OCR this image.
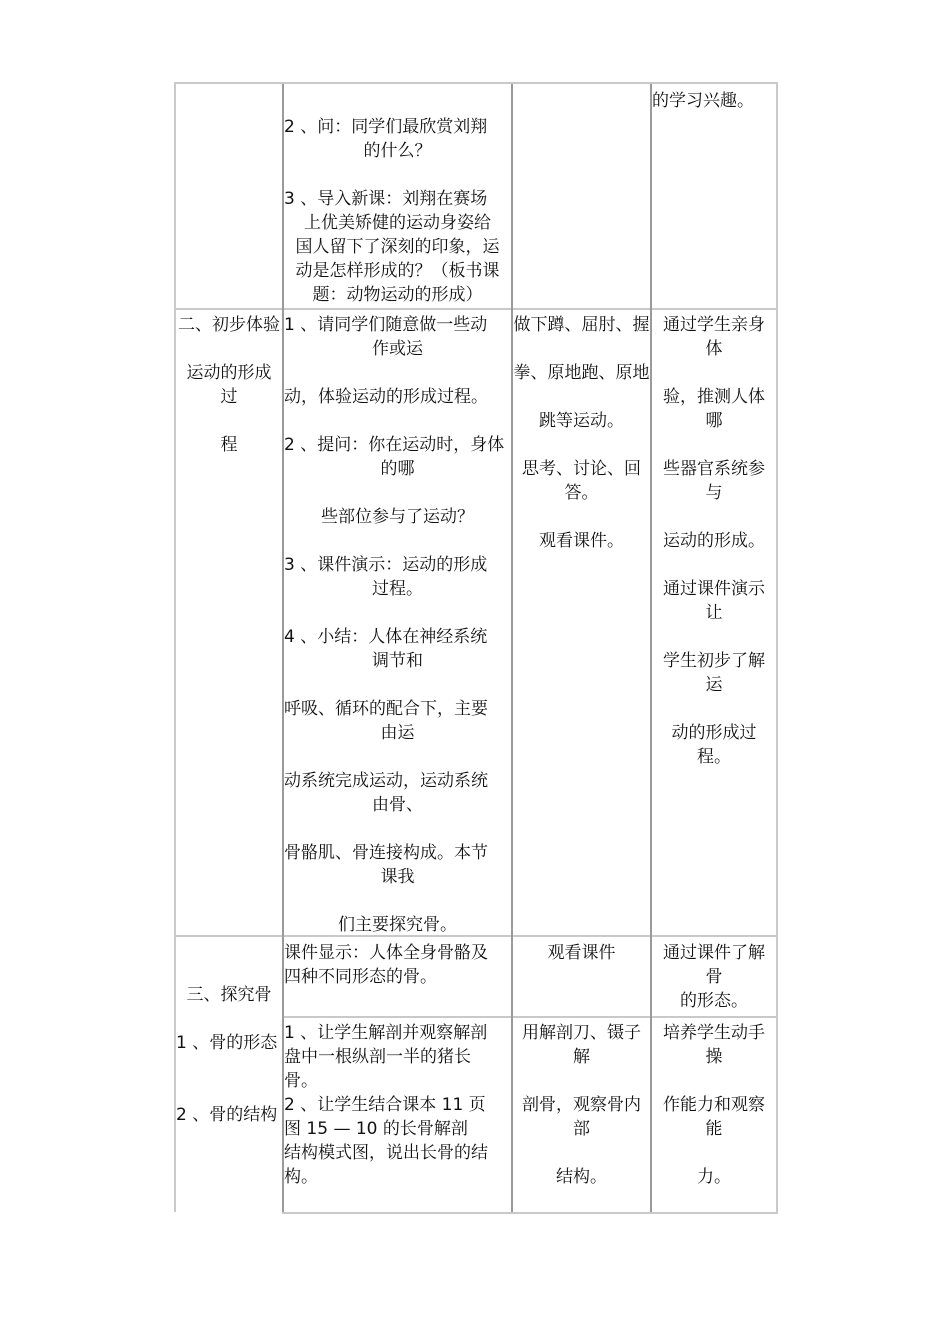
2 、问：同学们最欣赏刘翔

的什么？

3 、导入新课：刘翔在赛场

上优美矫健的运动身姿给

国人留下了深刻的印象，运

动是怎样形成的？（板书课

题：动物运动的形成）

的学习兴趣。

二、初步体验

运动的形成

过

程

1 、请同学们随意做一些动

作或运

动，体验运动的形成过程。

2 、提问：你在运动时，身体

的哪

些部位参与了运动？

3 、课件演示：运动的形成

过程。

4 、小结：人体在神经系统

调节和

呼吸、循环的配合下，主要

由运

动系统完成运动，运动系统

由骨、

骨骼肌、骨连接构成。本节

课我

们主要探究骨。

做下蹲、屈肘、握

拳、原地跑、原地

跳等运动。

思考、讨论、回

答。

观看课件。

通过学生亲身

体

验，推测人体

哪

些器官系统参

与

运动的形成。

通过课件演示

让

学生初步了解

运

动的形成过

程。

三、探究骨

1 、骨的形态

2 、骨的结构

课件显示：人体全身骨骼及

四种不同形态的骨。

观看课件	通过课件了解

骨

的形态。

1 、让学生解剖并观察解剖

盘中一根纵剖一半的猪长

骨。

2 、让学生结合课本 11 页

图 15 — 10 的长骨解剖

结构模式图，说出长骨的结

构。

用解剖刀、镊子

解

剖骨，观察骨内

部

结构。

培养学生动手

操

作能力和观察

能

力。
